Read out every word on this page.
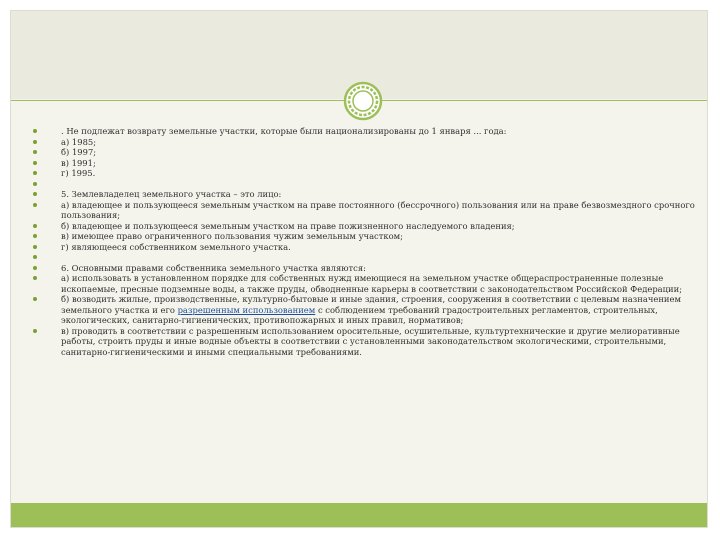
. Не подлежат возврату земельные участки, которые были национализированы до 1 января ... года:
а) 1985;
б) 1997;
в) 1991;
г) 1995.
5. Землевладелец земельного участка – это лицо:
а) владеющее и пользующееся земельным участком на праве постоянного (бессрочного) пользования или на праве безвозмездного срочного пользования;
б) владеющее и пользующееся земельным участком на праве пожизненного наследуемого владения;
в) имеющее право ограниченного пользования чужим земельным участком;
г) являющееся собственником земельного участка.
6. Основными правами собственника земельного участка являются:
а) использовать в установленном порядке для собственных нужд имеющиеся на земельном участке общераспространенные полезные ископаемые, пресные подземные воды, а также пруды, обводненные карьеры в соответствии с законодательством Российской Федерации;
б) возводить жилые, производственные, культурно-бытовые и иные здания, строения, сооружения в соответствии с целевым назначением земельного участка и его разрешенным использованием с соблюдением требований градостроительных регламентов, строительных, экологических, санитарно-гигиенических, противопожарных и иных правил, нормативов;
в) проводить в соответствии с разрешенным использованием оросительные, осушительные, культуртехнические и другие мелиоративные работы, строить пруды и иные водные объекты в соответствии с установленными законодательством экологическими, строительными, санитарно-гигиеническими и иными специальными требованиями.
